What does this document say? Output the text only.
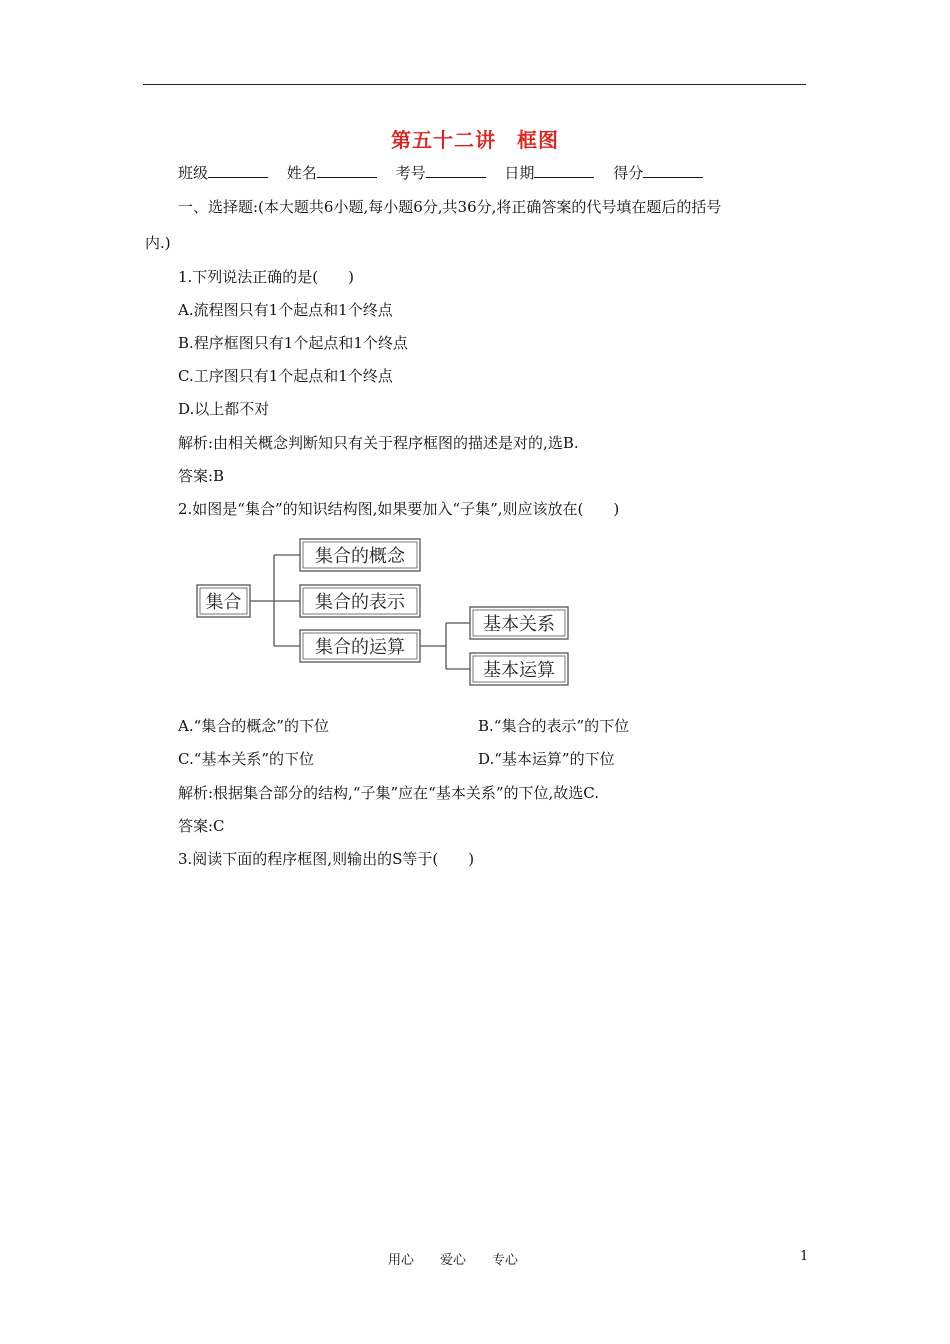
第五十二讲　框图
班级	姓名	考号	日期	得分
一、选择题:(本大题共6小题,每小题6分,共36分,将正确答案的代号填在题后的括号
内.)
1.下列说法正确的是(　　)
A.流程图只有1个起点和1个终点
B.程序框图只有1个起点和1个终点
C.工序图只有1个起点和1个终点
D.以上都不对
解析:由相关概念判断知只有关于程序框图的描述是对的,选B.
答案:B
2.如图是“集合”的知识结构图,如果要加入“子集”,则应该放在(　　)
集合
集合的概念
集合的表示
集合的运算
基本关系
基本运算
A.“集合的概念”的下位	B.“集合的表示”的下位
C.“基本关系”的下位	D.“基本运算”的下位
解析:根据集合部分的结构,“子集”应在“基本关系”的下位,故选C.
答案:C
3.阅读下面的程序框图,则输出的S等于(　　)
用心　　爱心　　专心	1
